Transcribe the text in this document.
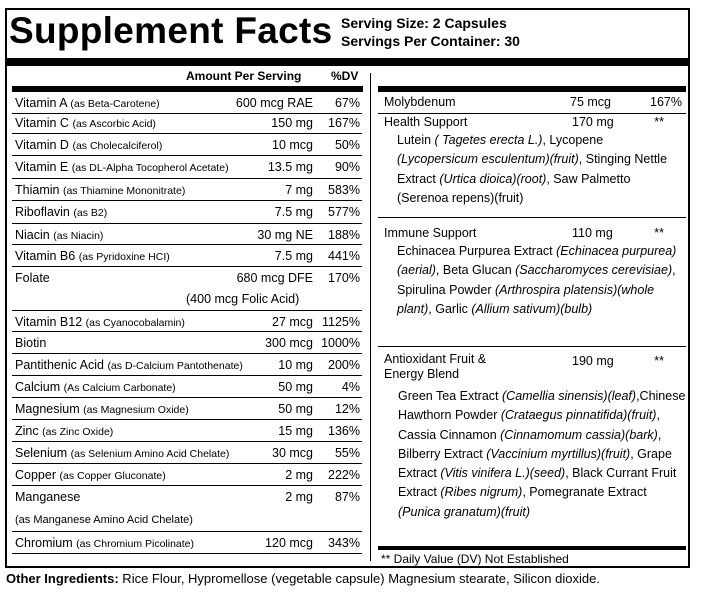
Supplement Facts Serving Size: 2 Capsules
Servings Per Container: 30
Amount Per Serving %DV
Vitamin A (as Beta-Carotene)	600 mcg RAE 67%
Vitamin C (as Ascorbic Acid)	150 mg 167%
Vitamin D (as Cholecalciferol)	10 mcg 50%
Vitamin E (as DL-Alpha Tocopherol Acetate)	13.5 mg 90%
Thiamin (as Thiamine Mononitrate)	7 mg 583%
Riboflavin (as B2)	7.5 mg 577%
Niacin (as Niacin)	30 mg NE 188%
Vitamin B6 (as Pyridoxine HCI)	7.5 mg 441%
Folate	680 mcg DFE 170%
(400 mcg Folic Acid)
Vitamin B12 (as Cyanocobalamin)	27 mcg 1125%
Biotin	300 mcg 1000%
Pantithenic Acid (as D-Calcium Pantothenate)	10 mg 200%
Calcium (As Calcium Carbonate)	50 mg 4%
Magnesium (as Magnesium Oxide)	50 mg 12%
Zinc (as Zinc Oxide)	15 mg 136%
Selenium (as Selenium Amino Acid Chelate)	30 mcg 55%
Copper (as Copper Gluconate)	2 mg 222%
Manganese	2 mg 87%
(as Manganese Amino Acid Chelate)
Chromium (as Chromium Picolinate)	120 mcg 343%
Molybdenum	75 mcg	167%
Health Support	170 mg	**
Lutein ( Tagetes erecta L.), Lycopene (Lycopersicum esculentum)(fruit), Stinging Nettle Extract (Urtica dioica)(root), Saw Palmetto (Serenoa repens)(fruit)
Immune Support	110 mg	**
Echinacea Purpurea Extract (Echinacea purpurea)(aerial), Beta Glucan (Saccharomyces cerevisiae), Spirulina Powder (Arthrospira platensis)(whole plant), Garlic (Allium sativum)(bulb)
Antioxidant Fruit &
Energy Blend
190 mg	**
Green Tea Extract (Camellia sinensis)(leaf),Chinese Hawthorn Powder (Crataegus pinnatifida)(fruit), Cassia Cinnamon (Cinnamomum cassia)(bark), Bilberry Extract (Vaccinium myrtillus)(fruit), Grape Extract (Vitis vinifera L.)(seed), Black Currant Fruit Extract (Ribes nigrum), Pomegranate Extract (Punica granatum)(fruit)
** Daily Value (DV) Not Established
Other Ingredients: Rice Flour, Hypromellose (vegetable capsule) Magnesium stearate, Silicon dioxide.
